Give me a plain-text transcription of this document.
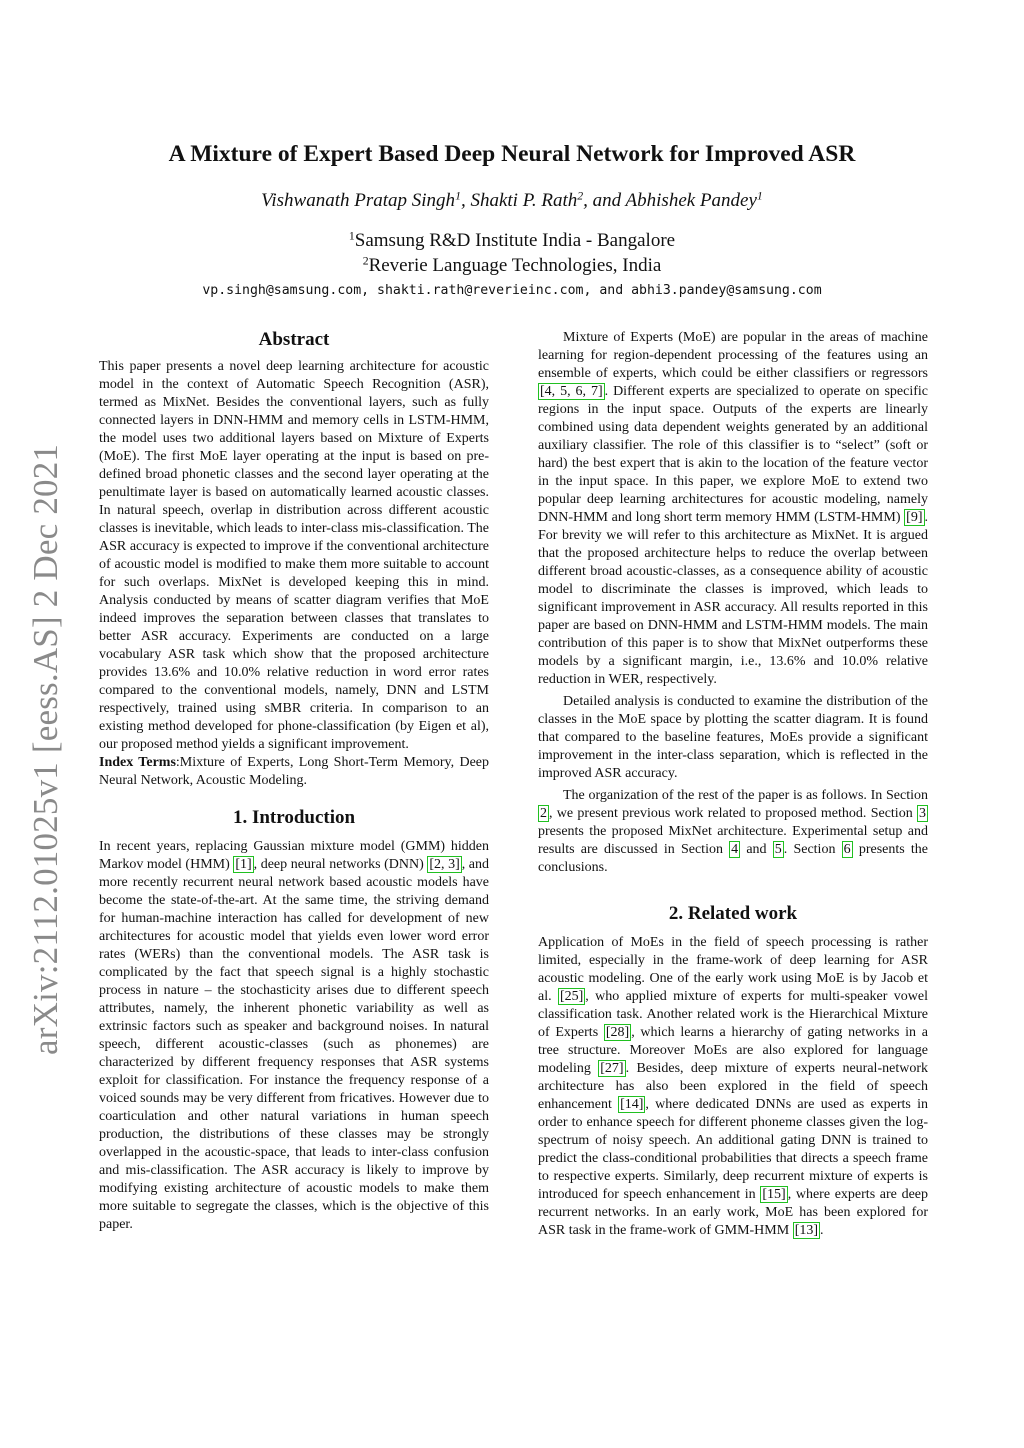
arXiv:2112.01025v1 [eess.AS] 2 Dec 2021
A Mixture of Expert Based Deep Neural Network for Improved ASR
Vishwanath Pratap Singh$^1$, Shakti P. Rath$^2$, and Abhishek Pandey$^1$
$^1$Samsung R&D Institute India - Bangalore
$^2$Reverie Language Technologies, India
vp.singh@samsung.com, shakti.rath@reverieinc.com, and abhi3.pandey@samsung.com
Abstract

This paper presents a novel deep learning architecture for acoustic model in the context of Automatic Speech Recognition (ASR), termed as MixNet. Besides the conventional layers, such as fully connected layers in DNN-HMM and memory cells in LSTM-HMM, the model uses two additional layers based on Mixture of Experts (MoE). The first MoE layer operating at the input is based on pre-defined broad phonetic classes and the second layer operating at the penultimate layer is based on automatically learned acoustic classes. In natural speech, overlap in distribution across different acoustic classes is inevitable, which leads to inter-class mis-classification. The ASR accuracy is expected to improve if the conventional architecture of acoustic model is modified to make them more suitable to account for such overlaps. MixNet is developed keeping this in mind. Analysis conducted by means of scatter diagram verifies that MoE indeed improves the separation between classes that translates to better ASR accuracy. Experiments are conducted on a large vocabulary ASR task which show that the proposed architecture provides 13.6% and 10.0% relative reduction in word error rates compared to the conventional models, namely, DNN and LSTM respectively, trained using sMBR criteria. In comparison to an existing method developed for phone-classification (by Eigen et al), our proposed method yields a significant improvement.

Index Terms:Mixture of Experts, Long Short-Term Memory, Deep Neural Network, Acoustic Modeling.

1. Introduction

In recent years, replacing Gaussian mixture model (GMM) hidden Markov model (HMM) [1] , deep neural networks (DNN) [2, 3] , and more recently recurrent neural network based acoustic models have become the state-of-the-art. At the same time, the striving demand for human-machine interaction has called for development of new architectures for acoustic model that yields even lower word error rates (WERs) than the conventional models. The ASR task is complicated by the fact that speech signal is a highly stochastic process in nature – the stochasticity arises due to different speech attributes, namely, the inherent phonetic variability as well as extrinsic factors such as speaker and background noises. In natural speech, different acoustic-classes (such as phonemes) are characterized by different frequency responses that ASR systems exploit for classification. For instance the frequency response of a voiced sounds may be very different from fricatives. However due to coarticulation and other natural variations in human speech production, the distributions of these classes may be strongly overlapped in the acoustic-space, that leads to inter-class confusion and mis-classification. The ASR accuracy is likely to improve by modifying existing architecture of acoustic models to make them more suitable to segregate the classes, which is the objective of this paper.

Mixture of Experts (MoE) are popular in the areas of machine learning for region-dependent processing of the features using an ensemble of experts, which could be either classifiers or regressors [4, 5, 6, 7] . Different experts are specialized to operate on specific regions in the input space. Outputs of the experts are linearly combined using data dependent weights generated by an additional auxiliary classifier. The role of this classifier is to “select” (soft or hard) the best expert that is akin to the location of the feature vector in the input space. In this paper, we explore MoE to extend two popular deep learning architectures for acoustic modeling, namely DNN-HMM and long short term memory HMM (LSTM-HMM) [9] . For brevity we will refer to this architecture as MixNet. It is argued that the proposed architecture helps to reduce the overlap between different broad acoustic-classes, as a consequence ability of acoustic model to discriminate the classes is improved, which leads to significant improvement in ASR accuracy. All results reported in this paper are based on DNN-HMM and LSTM-HMM models. The main contribution of this paper is to show that MixNet outperforms these models by a significant margin, i.e., 13.6% and 10.0% relative reduction in WER, respectively.

Detailed analysis is conducted to examine the distribution of the classes in the MoE space by plotting the scatter diagram. It is found that compared to the baseline features, MoEs provide a significant improvement in the inter-class separation, which is reflected in the improved ASR accuracy.

The organization of the rest of the paper is as follows. In Section 2 , we present previous work related to proposed method. Section 3 presents the proposed MixNet architecture. Experimental setup and results are discussed in Section 4 and 5 . Section 6 presents the conclusions.

2. Related work

Application of MoEs in the field of speech processing is rather limited, especially in the frame-work of deep learning for ASR acoustic modeling. One of the early work using MoE is by Jacob et al. [25] , who applied mixture of experts for multi-speaker vowel classification task. Another related work is the Hierarchical Mixture of Experts [28] , which learns a hierarchy of gating networks in a tree structure. Moreover MoEs are also explored for language modeling [27] . Besides, deep mixture of experts neural-network architecture has also been explored in the field of speech enhancement [14] , where dedicated DNNs are used as experts in order to enhance speech for different phoneme classes given the log-spectrum of noisy speech. An additional gating DNN is trained to predict the class-conditional probabilities that directs a speech frame to respective experts. Similarly, deep recurrent mixture of experts is introduced for speech enhancement in [15] , where experts are deep recurrent networks. In an early work, MoE has been explored for ASR task in the frame-work of GMM-HMM [13] .
